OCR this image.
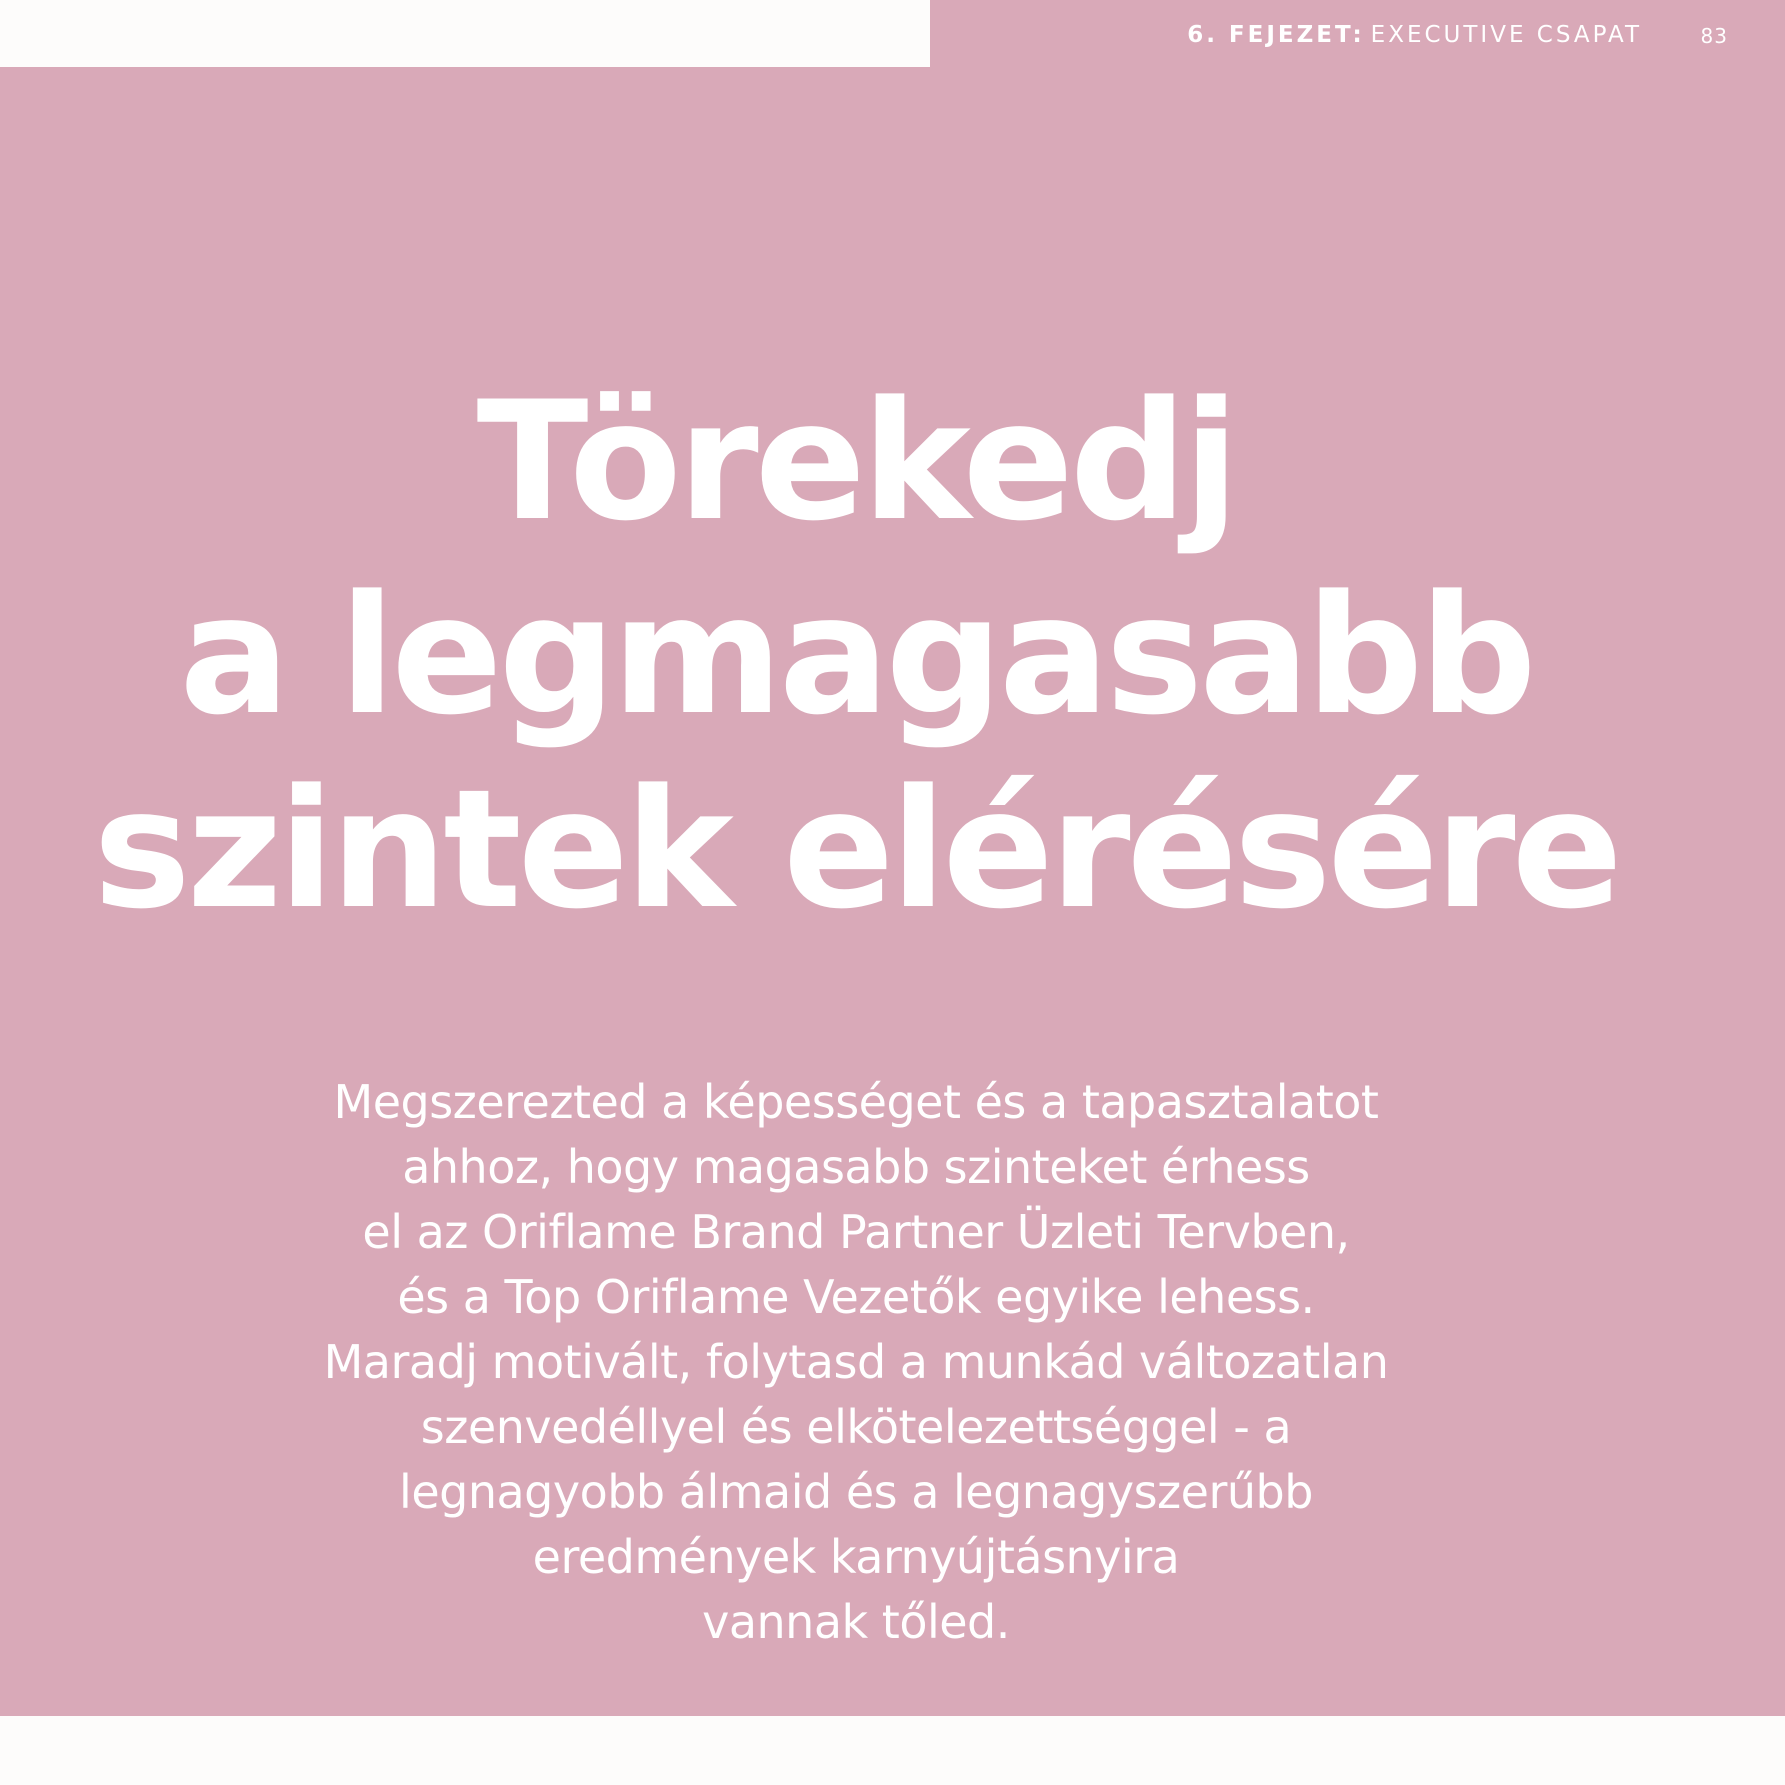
6. FEJEZET: EXECUTIVE CSAPAT	83
Törekedj
a legmagasabb
szintek elérésére

Megszerezted a képességet és a tapasztalatot
ahhoz, hogy magasabb szinteket érhess
el az Oriflame Brand Partner Üzleti Tervben,
és a Top Oriflame Vezetők egyike lehess.
Maradj motivált, folytasd a munkád változatlan
szenvedéllyel és elkötelezettséggel - a
legnagyobb álmaid és a legnagyszerűbb
eredmények karnyújtásnyira
vannak tőled.
